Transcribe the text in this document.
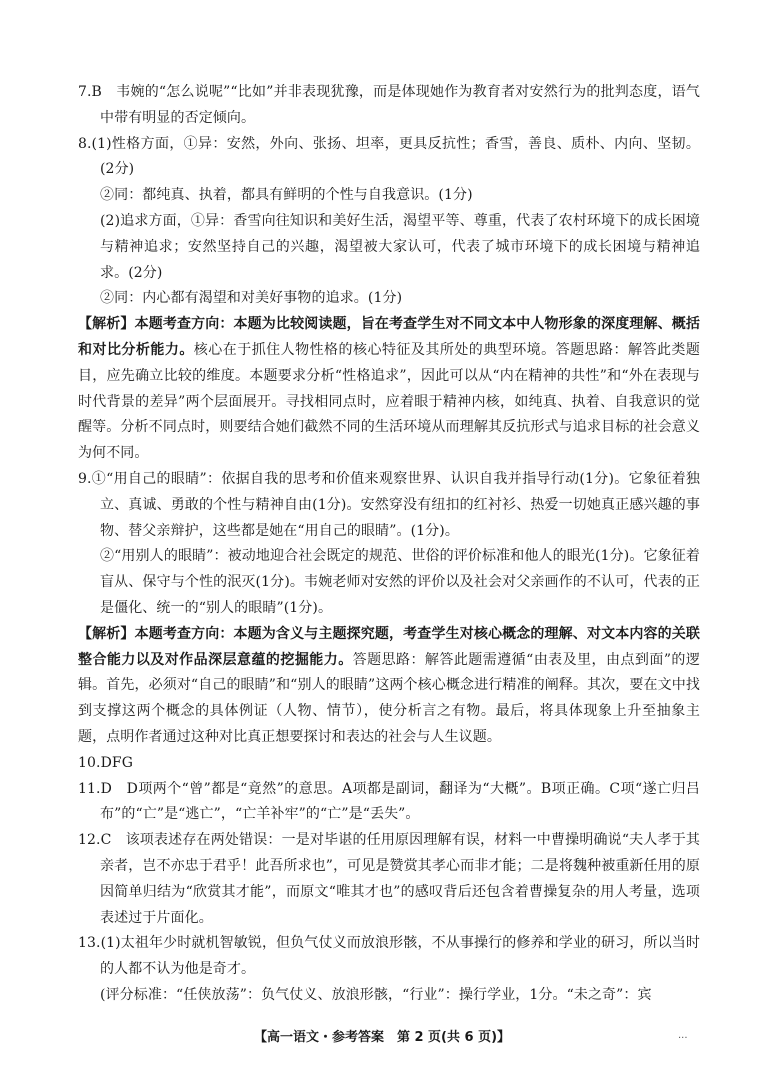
7.B　韦婉的“怎么说呢”“比如”并非表现犹豫，而是体现她作为教育者对安然行为的批判态度，语气中带有明显的否定倾向。

8.(1)性格方面，①异：安然，外向、张扬、坦率，更具反抗性；香雪，善良、质朴、内向、坚韧。(2分)

②同：都纯真、执着，都具有鲜明的个性与自我意识。(1分)

(2)追求方面，①异：香雪向往知识和美好生活，渴望平等、尊重，代表了农村环境下的成长困境与精神追求；安然坚持自己的兴趣，渴望被大家认可，代表了城市环境下的成长困境与精神追求。(2分)

②同：内心都有渴望和对美好事物的追求。(1分)

【解析】本题考查方向：本题为比较阅读题，旨在考查学生对不同文本中人物形象的深度理解、概括和对比分析能力。核心在于抓住人物性格的核心特征及其所处的典型环境。答题思路：解答此类题目，应先确立比较的维度。本题要求分析“性格追求”，因此可以从“内在精神的共性”和“外在表现与时代背景的差异”两个层面展开。寻找相同点时，应着眼于精神内核，如纯真、执着、自我意识的觉醒等。分析不同点时，则要结合她们截然不同的生活环境从而理解其反抗形式与追求目标的社会意义为何不同。

9.①“用自己的眼睛”：依据自我的思考和价值来观察世界、认识自我并指导行动(1分)。它象征着独立、真诚、勇敢的个性与精神自由(1分)。安然穿没有纽扣的红衬衫、热爱一切她真正感兴趣的事物、替父亲辩护，这些都是她在“用自己的眼睛”。(1分)。

②“用别人的眼睛”：被动地迎合社会既定的规范、世俗的评价标准和他人的眼光(1分)。它象征着盲从、保守与个性的泯灭(1分)。韦婉老师对安然的评价以及社会对父亲画作的不认可，代表的正是僵化、统一的“别人的眼睛”(1分)。

【解析】本题考查方向：本题为含义与主题探究题，考查学生对核心概念的理解、对文本内容的关联整合能力以及对作品深层意蕴的挖掘能力。答题思路：解答此题需遵循“由表及里，由点到面”的逻辑。首先，必须对“自己的眼睛”和“别人的眼睛”这两个核心概念进行精准的阐释。其次，要在文中找到支撑这两个概念的具体例证（人物、情节），使分析言之有物。最后，将具体现象上升至抽象主题，点明作者通过这种对比真正想要探讨和表达的社会与人生议题。

10.DFG

11.D　D项两个“曾”都是“竟然”的意思。A项都是副词，翻译为“大概”。B项正确。C项“遂亡归吕布”的“亡”是“逃亡”，“亡羊补牢”的“亡”是“丢失”。

12.C　该项表述存在两处错误：一是对毕谌的任用原因理解有误，材料一中曹操明确说“夫人孝于其亲者，岂不亦忠于君乎！此吾所求也”，可见是赞赏其孝心而非才能；二是将魏种被重新任用的原因简单归结为“欣赏其才能”，而原文“唯其才也”的感叹背后还包含着曹操复杂的用人考量，选项表述过于片面化。

13.(1)太祖年少时就机智敏锐，但负气仗义而放浪形骸，不从事操行的修养和学业的研习，所以当时的人都不认为他是奇才。

(评分标准：“任侠放荡”：负气仗义、放浪形骸，“行业”：操行学业，1分。“未之奇”：宾

【高一语文・参考答案　第 2 页(共 6 页)】	...
